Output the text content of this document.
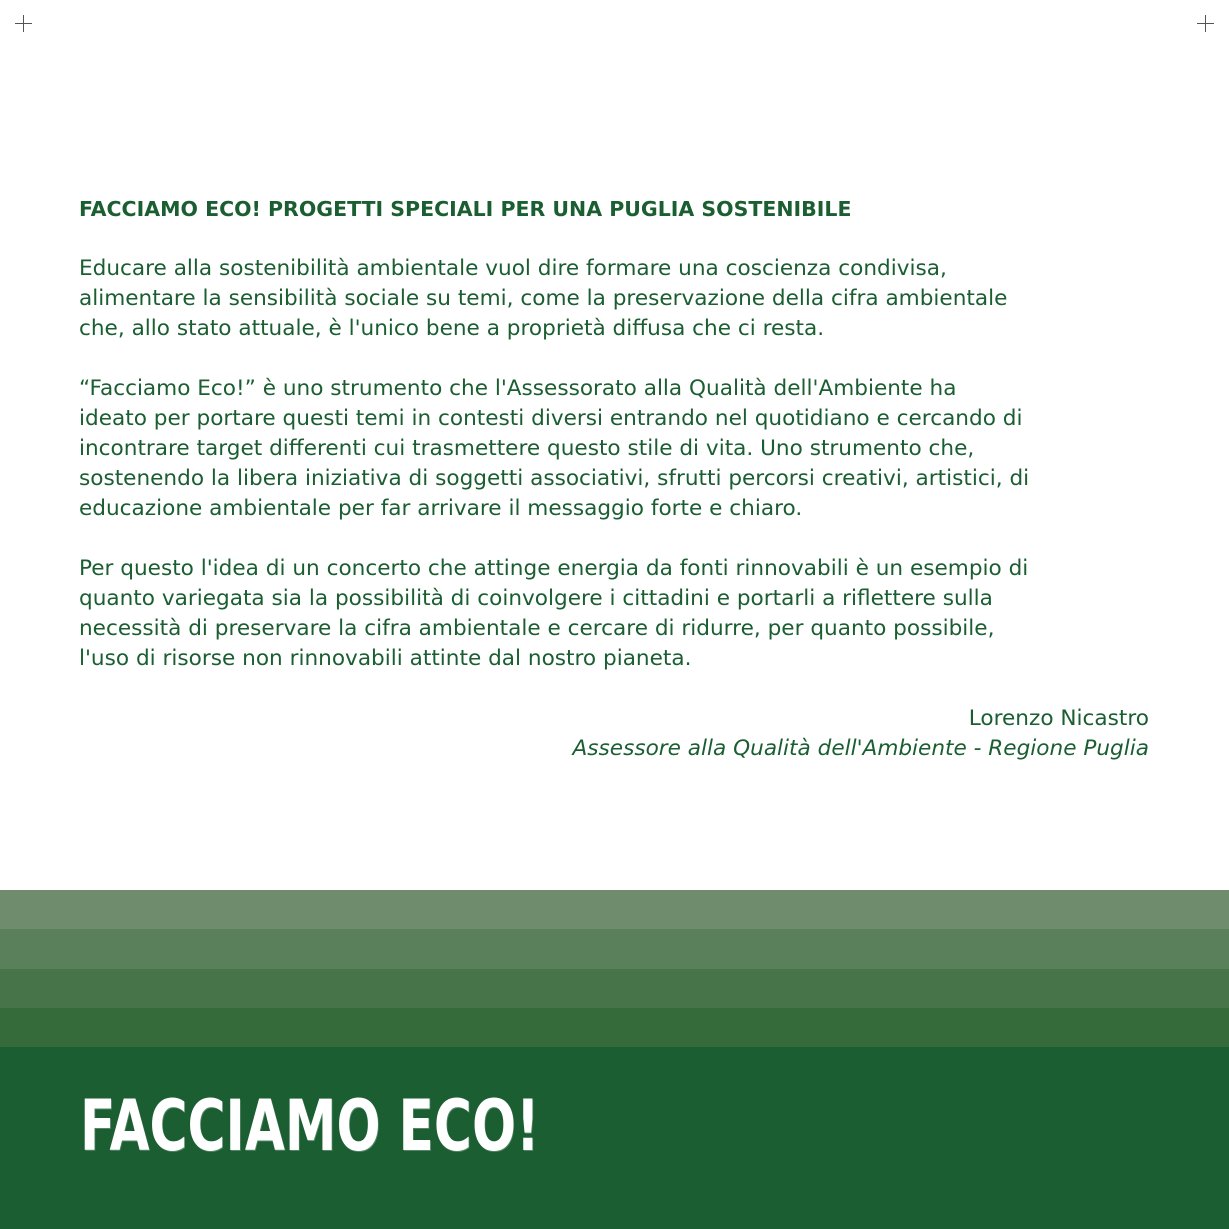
FACCIAMO ECO! PROGETTI SPECIALI PER UNA PUGLIA SOSTENIBILE

Educare alla sostenibilità ambientale vuol dire formare una coscienza condivisa,
alimentare la sensibilità sociale su temi, come la preservazione della cifra ambientale
che, allo stato attuale, è l'unico bene a proprietà diffusa che ci resta.

“Facciamo Eco!” è uno strumento che l'Assessorato alla Qualità dell'Ambiente ha
ideato per portare questi temi in contesti diversi entrando nel quotidiano e cercando di
incontrare target differenti cui trasmettere questo stile di vita. Uno strumento che,
sostenendo la libera iniziativa di soggetti associativi, sfrutti percorsi creativi, artistici, di
educazione ambientale per far arrivare il messaggio forte e chiaro.

Per questo l'idea di un concerto che attinge energia da fonti rinnovabili è un esempio di
quanto variegata sia la possibilità di coinvolgere i cittadini e portarli a riflettere sulla
necessità di preservare la cifra ambientale e cercare di ridurre, per quanto possibile,
l'uso di risorse non rinnovabili attinte dal nostro pianeta.

Lorenzo Nicastro
Assessore alla Qualità dell'Ambiente - Regione Puglia
FACCIAMO ECO!
